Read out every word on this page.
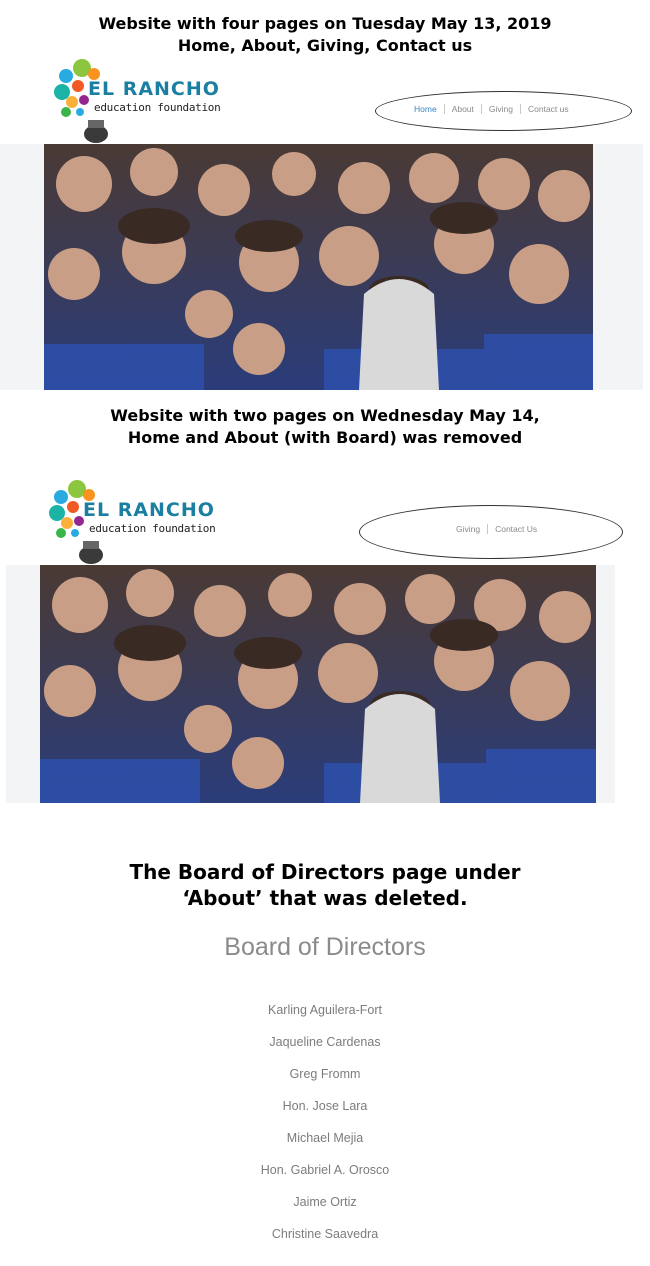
Website with four pages on Tuesday May 13, 2019
Home, About, Giving, Contact us
EL RANCHO
education foundation	Home	About	Giving	Contact us
Website with two pages on Wednesday May 14,
Home and About (with Board) was removed
EL RANCHO
education foundation	Giving	Contact Us
The Board of Directors page under
‘About’ that was deleted.
Board of Directors
Karling Aguilera-Fort
Jaqueline Cardenas
Greg Fromm
Hon. Jose Lara
Michael Mejia
Hon. Gabriel A. Orosco
Jaime Ortiz
Christine Saavedra
